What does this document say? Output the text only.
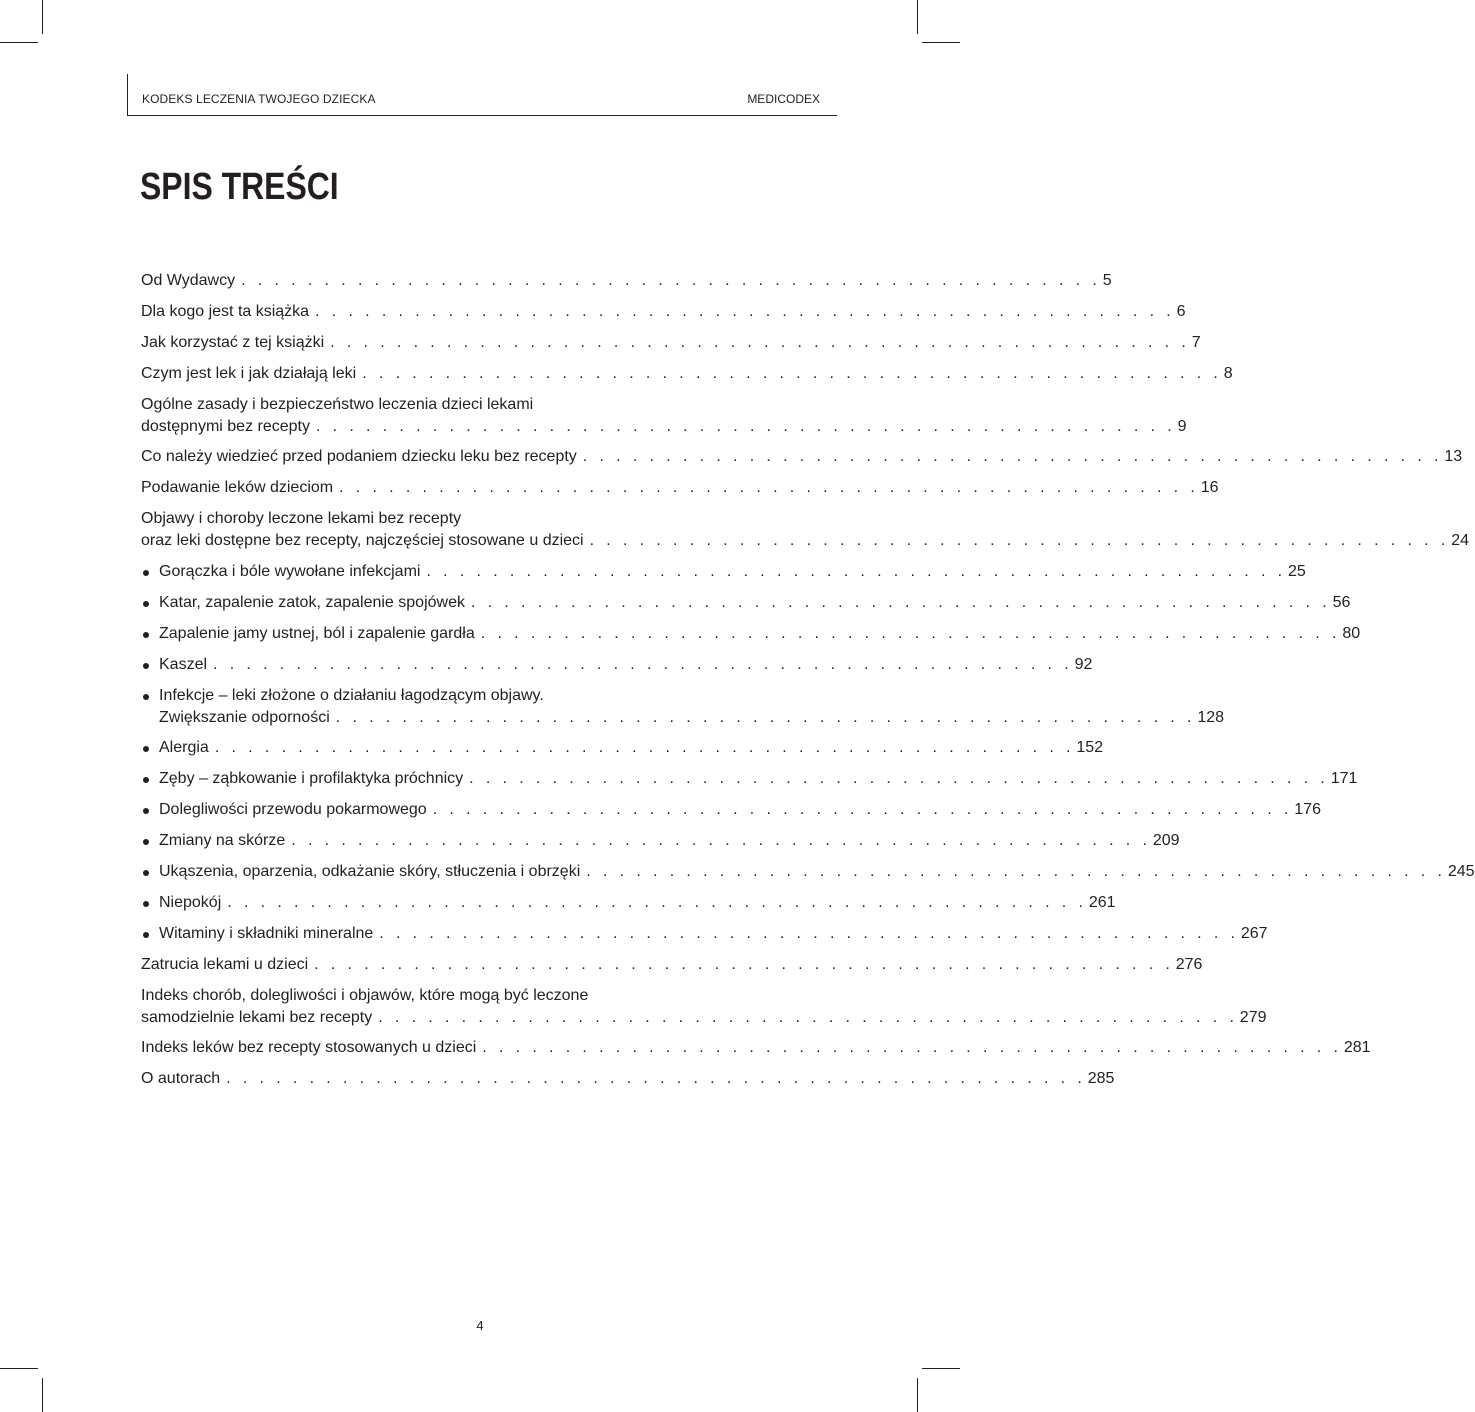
KODEKS LECZENIA TWOJEGO DZIECKA	MEDICODEX
SPIS TREŚCI
Od Wydawcy . . . . . . . . . . . . . . . . . . . . . . . . . . . . . . . . . . . . . . . . . . . . . . . . . . . . 5
Dla kogo jest ta książka . . . . . . . . . . . . . . . . . . . . . . . . . . . . . . . . . . . . . . . . . . . . . . . . . . . . 6
Jak korzystać z tej książki . . . . . . . . . . . . . . . . . . . . . . . . . . . . . . . . . . . . . . . . . . . . . . . . . . . . 7
Czym jest lek i jak działają leki . . . . . . . . . . . . . . . . . . . . . . . . . . . . . . . . . . . . . . . . . . . . . . . . . . . . 8
Ogólne zasady i bezpieczeństwo leczenia dzieci lekami
dostępnymi bez recepty . . . . . . . . . . . . . . . . . . . . . . . . . . . . . . . . . . . . . . . . . . . . . . . . . . . . 9
Co należy wiedzieć przed podaniem dziecku leku bez recepty . . . . . . . . . . . . . . . . . . . . . . . . . . . . . . . . . . . . . . . . . . . . . . . . . . . . 13
Podawanie leków dzieciom . . . . . . . . . . . . . . . . . . . . . . . . . . . . . . . . . . . . . . . . . . . . . . . . . . . . 16
Objawy i choroby leczone lekami bez recepty
oraz leki dostępne bez recepty, najczęściej stosowane u dzieci . . . . . . . . . . . . . . . . . . . . . . . . . . . . . . . . . . . . . . . . . . . . . . . . . . . . 24
Gorączka i bóle wywołane infekcjami . . . . . . . . . . . . . . . . . . . . . . . . . . . . . . . . . . . . . . . . . . . . . . . . . . . . 25
Katar, zapalenie zatok, zapalenie spojówek . . . . . . . . . . . . . . . . . . . . . . . . . . . . . . . . . . . . . . . . . . . . . . . . . . . . 56
Zapalenie jamy ustnej, ból i zapalenie gardła . . . . . . . . . . . . . . . . . . . . . . . . . . . . . . . . . . . . . . . . . . . . . . . . . . . . 80
Kaszel . . . . . . . . . . . . . . . . . . . . . . . . . . . . . . . . . . . . . . . . . . . . . . . . . . . . 92
Infekcje – leki złożone o działaniu łagodzącym objawy.
Zwiększanie odporności . . . . . . . . . . . . . . . . . . . . . . . . . . . . . . . . . . . . . . . . . . . . . . . . . . . . 128
Alergia . . . . . . . . . . . . . . . . . . . . . . . . . . . . . . . . . . . . . . . . . . . . . . . . . . . . 152
Zęby – ząbkowanie i profilaktyka próchnicy . . . . . . . . . . . . . . . . . . . . . . . . . . . . . . . . . . . . . . . . . . . . . . . . . . . . 171
Dolegliwości przewodu pokarmowego . . . . . . . . . . . . . . . . . . . . . . . . . . . . . . . . . . . . . . . . . . . . . . . . . . . . 176
Zmiany na skórze . . . . . . . . . . . . . . . . . . . . . . . . . . . . . . . . . . . . . . . . . . . . . . . . . . . . 209
Ukąszenia, oparzenia, odkażanie skóry, stłuczenia i obrzęki . . . . . . . . . . . . . . . . . . . . . . . . . . . . . . . . . . . . . . . . . . . . . . . . . . . . 245
Niepokój . . . . . . . . . . . . . . . . . . . . . . . . . . . . . . . . . . . . . . . . . . . . . . . . . . . . 261
Witaminy i składniki mineralne . . . . . . . . . . . . . . . . . . . . . . . . . . . . . . . . . . . . . . . . . . . . . . . . . . . . 267
Zatrucia lekami u dzieci . . . . . . . . . . . . . . . . . . . . . . . . . . . . . . . . . . . . . . . . . . . . . . . . . . . . 276
Indeks chorób, dolegliwości i objawów, które mogą być leczone
samodzielnie lekami bez recepty . . . . . . . . . . . . . . . . . . . . . . . . . . . . . . . . . . . . . . . . . . . . . . . . . . . . 279
Indeks leków bez recepty stosowanych u dzieci . . . . . . . . . . . . . . . . . . . . . . . . . . . . . . . . . . . . . . . . . . . . . . . . . . . . 281
O autorach . . . . . . . . . . . . . . . . . . . . . . . . . . . . . . . . . . . . . . . . . . . . . . . . . . . . 285
4
